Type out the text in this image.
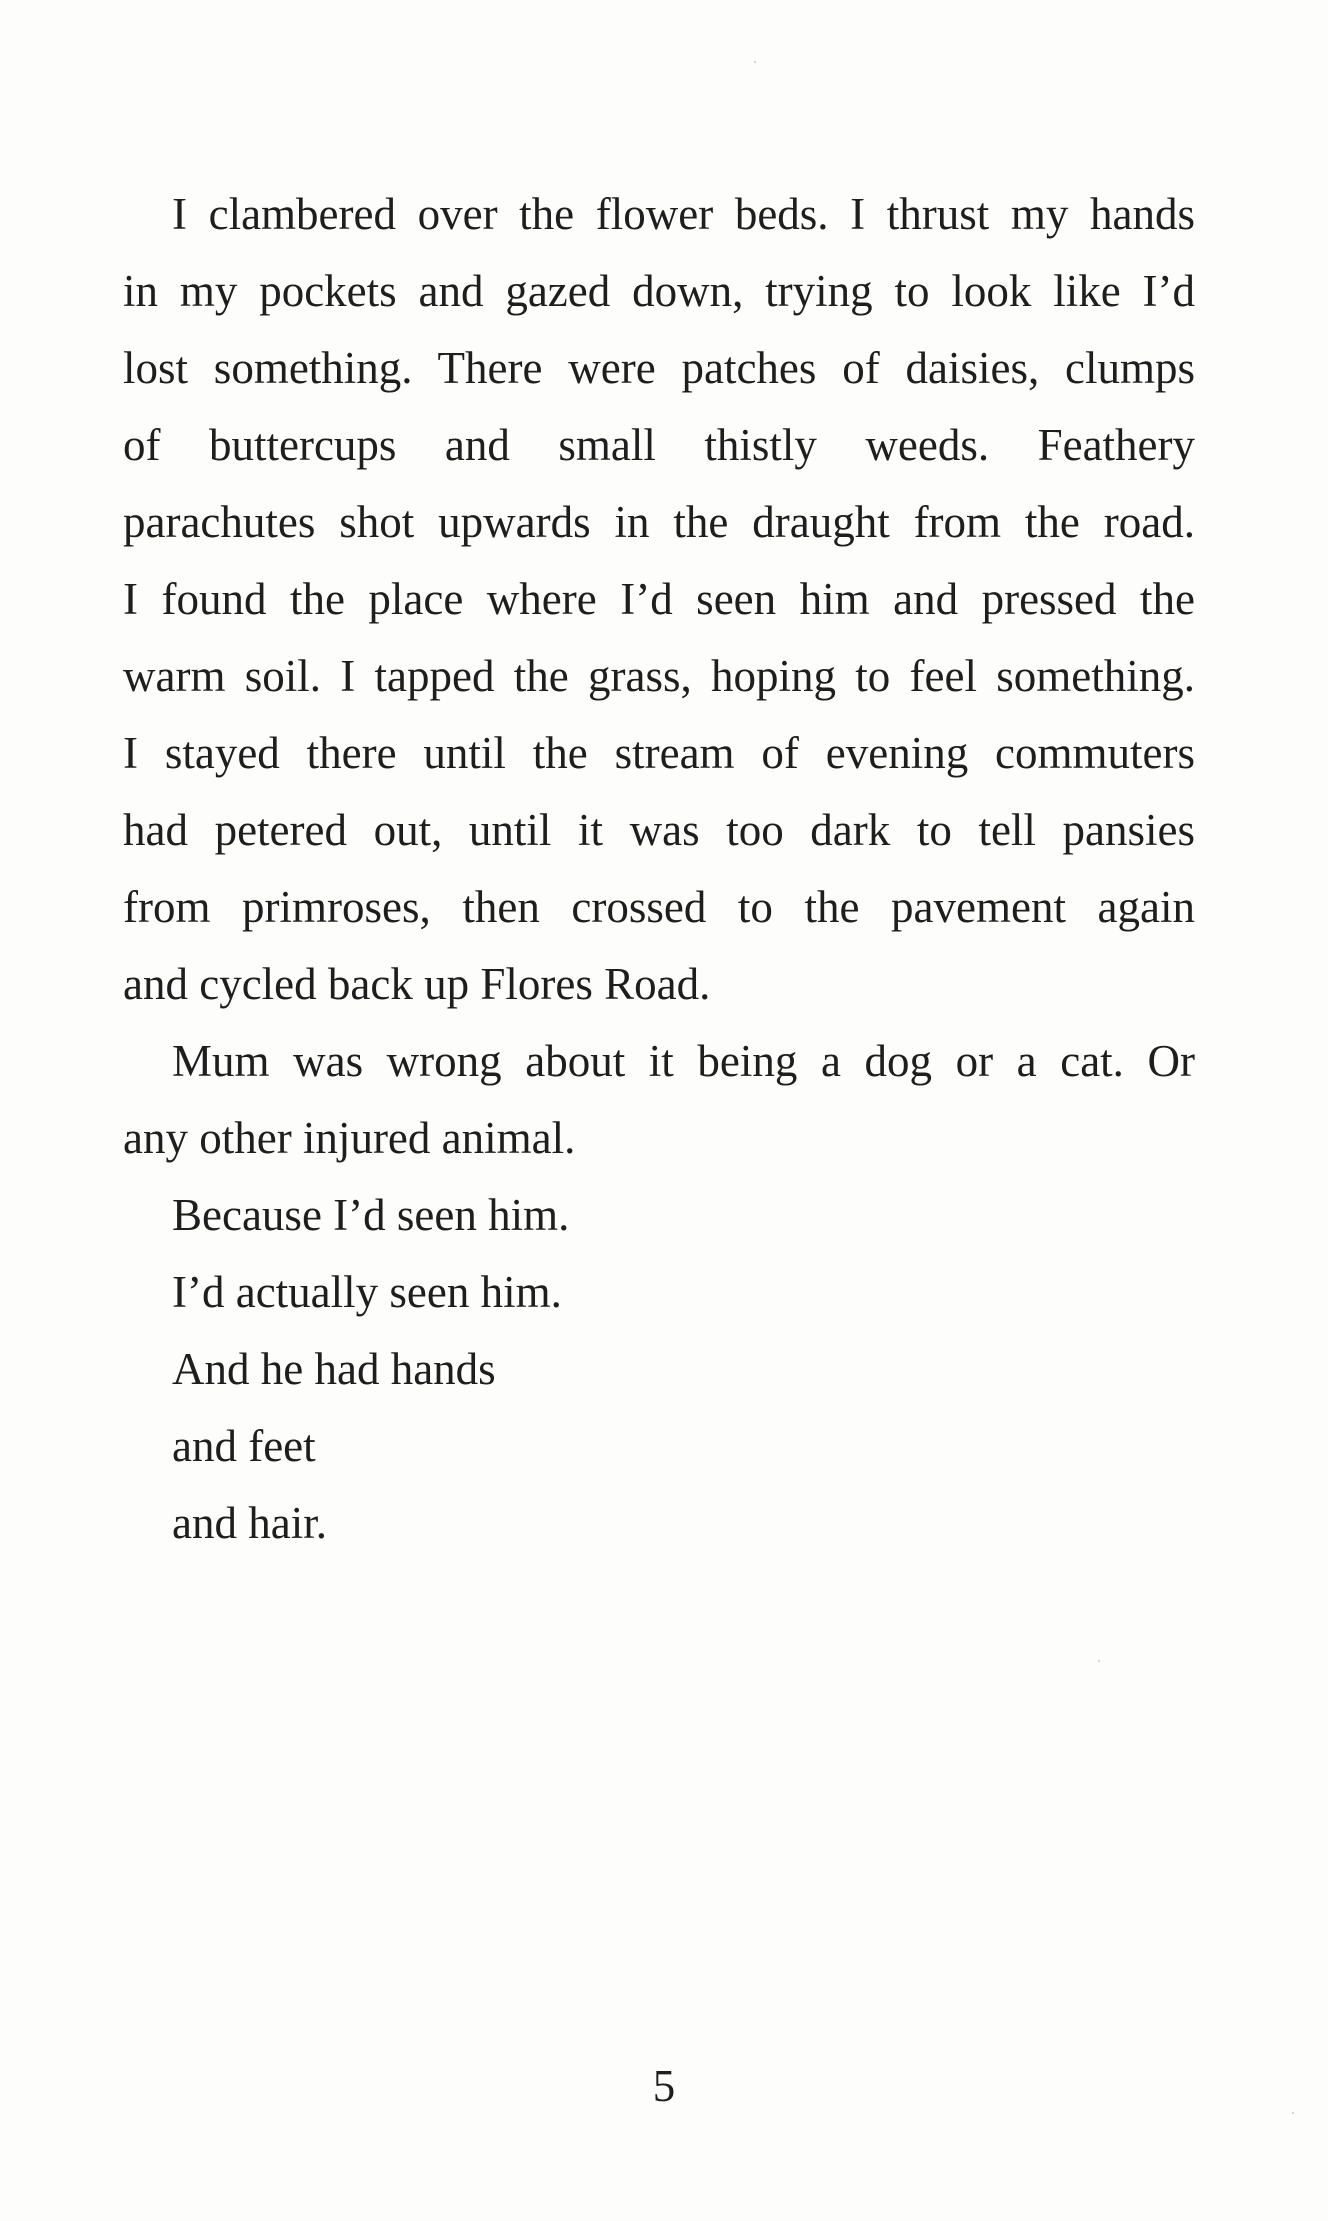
I clambered over the flower beds. I thrust my hands
in my pockets and gazed down, trying to look like I’d
lost something. There were patches of daisies, clumps
of buttercups and small thistly weeds. Feathery
parachutes shot upwards in the draught from the road.
I found the place where I’d seen him and pressed the
warm soil. I tapped the grass, hoping to feel something.
I stayed there until the stream of evening commuters
had petered out, until it was too dark to tell pansies
from primroses, then crossed to the pavement again
and cycled back up Flores Road.
Mum was wrong about it being a dog or a cat. Or
any other injured animal.
Because I’d seen him.
I’d actually seen him.
And he had hands
and feet
and hair.
5
